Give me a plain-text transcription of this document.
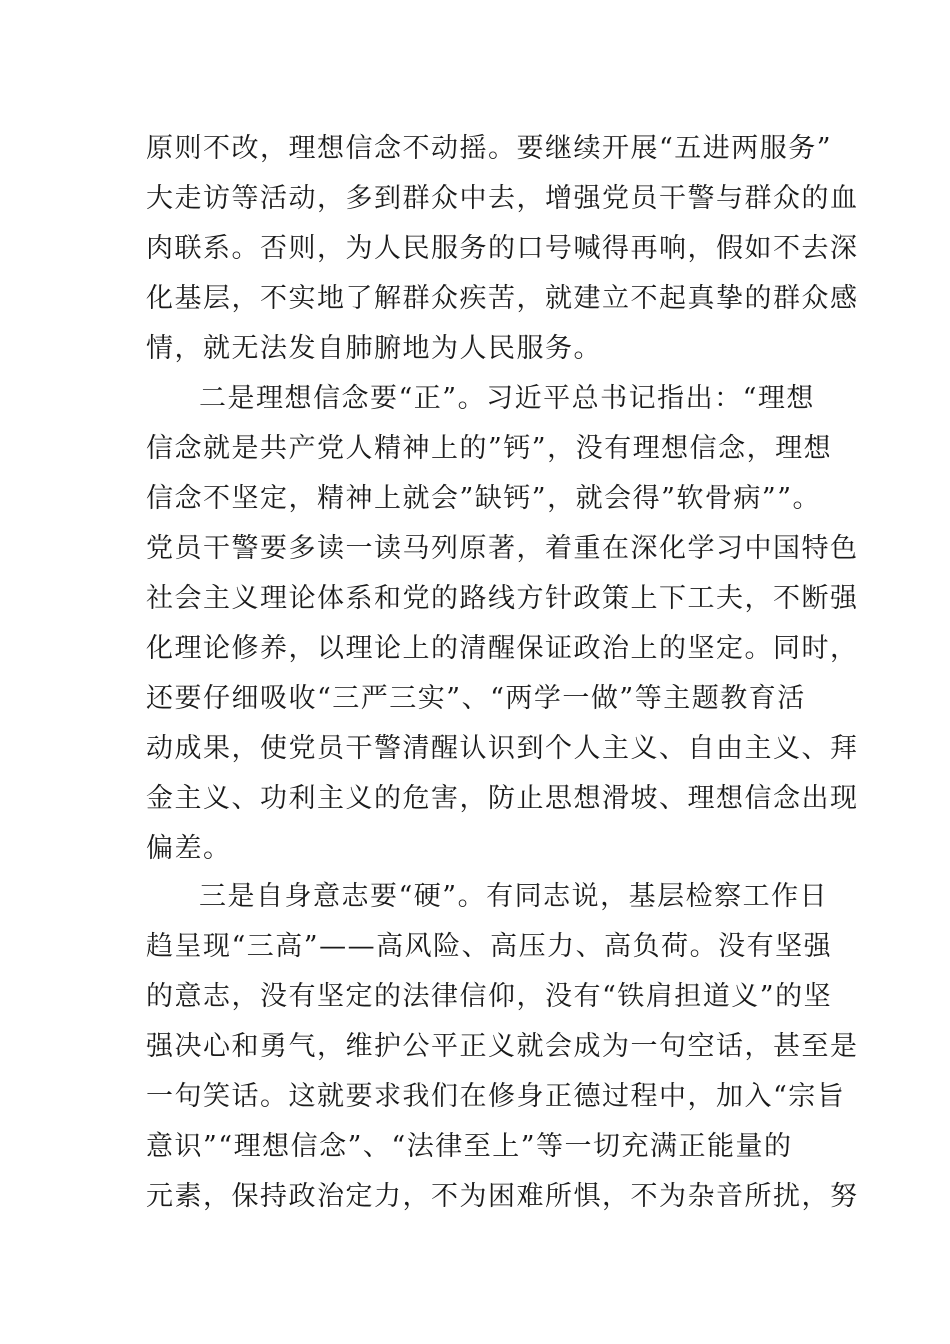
原则不改，理想信念不动摇。要继续开展“五进两服务”
大走访等活动，多到群众中去，增强党员干警与群众的血
肉联系。否则，为人民服务的口号喊得再响，假如不去深
化基层，不实地了解群众疾苦，就建立不起真挚的群众感
情，就无法发自肺腑地为人民服务。
二是理想信念要“正”。习近平总书记指出：“理想
信念就是共产党人精神上的”钙”，没有理想信念，理想
信念不坚定，精神上就会”缺钙”，就会得”软骨病””。
党员干警要多读一读马列原著，着重在深化学习中国特色
社会主义理论体系和党的路线方针政策上下工夫，不断强
化理论修养，以理论上的清醒保证政治上的坚定。同时，
还要仔细吸收“三严三实”、“两学一做”等主题教育活
动成果，使党员干警清醒认识到个人主义、自由主义、拜
金主义、功利主义的危害，防止思想滑坡、理想信念出现
偏差。
三是自身意志要“硬”。有同志说，基层检察工作日
趋呈现“三高”——高风险、高压力、高负荷。没有坚强
的意志，没有坚定的法律信仰，没有“铁肩担道义”的坚
强决心和勇气，维护公平正义就会成为一句空话，甚至是
一句笑话。这就要求我们在修身正德过程中，加入“宗旨
意识”“理想信念”、“法律至上”等一切充满正能量的
元素，保持政治定力，不为困难所惧，不为杂音所扰，努
